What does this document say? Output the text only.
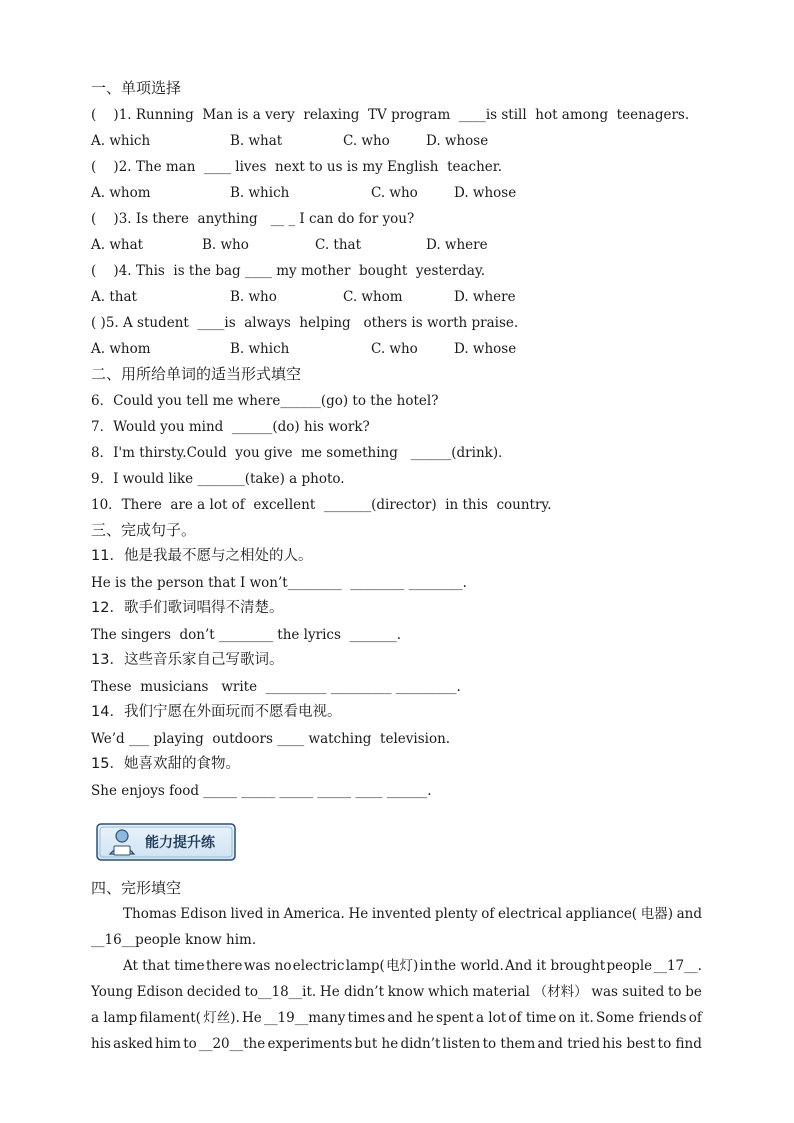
一、单项选择
(    )1. Running  Man is a very  relaxing  TV program  ____is still  hot among  teenagers.

A. which

	B. what

	C. who

	D. whose

(    )2. The man  ____ lives  next to us is my English  teacher.

A. whom

	B. which

	C. who

	D. whose

(    )3. Is there  anything   __ _ I can do for you?

A. what

	B. who

	C. that

	D. where

(    )4. This  is the bag ____ my mother  bought  yesterday.

A. that

	B. who

	C. whom

	D. where

( )5. A student  ____is  always  helping   others is worth praise.

A. whom

	B. which

	C. who

	D. whose

二、用所给单词的适当形式填空
6．Could you tell me where______(go) to the hotel?
7．Would you mind  ______(do) his work?
8．I'm thirsty.Could  you give  me something   ______(drink)．
9．I would like _______(take) a photo.
10．There  are a lot of  excellent  _______(director)  in this  country.
三、完成句子。
11．他是我最不愿与之相处的人。
He is the person that I won’t________  ________ ________.
12．歌手们歌词唱得不清楚。
The singers  don’t ________ the lyrics  _______.
13．这些音乐家自己写歌词。
These  musicians   write  _________ _________ _________.
14．我们宁愿在外面玩而不愿看电视。
We’d ___ playing  outdoors ____ watching  television.
15．她喜欢甜的食物。
She enjoys food _____ _____ _____ _____ ____ ______.
能力提升练
四、完形填空
Thomas Edison lived in America. He invented plenty of electrical appliance( 电器) and
__16__people know him.
At that time there was no electric lamp( 电灯) in the world. And it brought people __17__.
Young Edison decided to__18__it. He didn’t know which material （材料） was suited to be
a lamp filament( 灯丝). He __19__many times and he spent a lot of time on it. Some friends of
his asked him to __20__the experiments but he didn’t listen to them and tried his best to find
